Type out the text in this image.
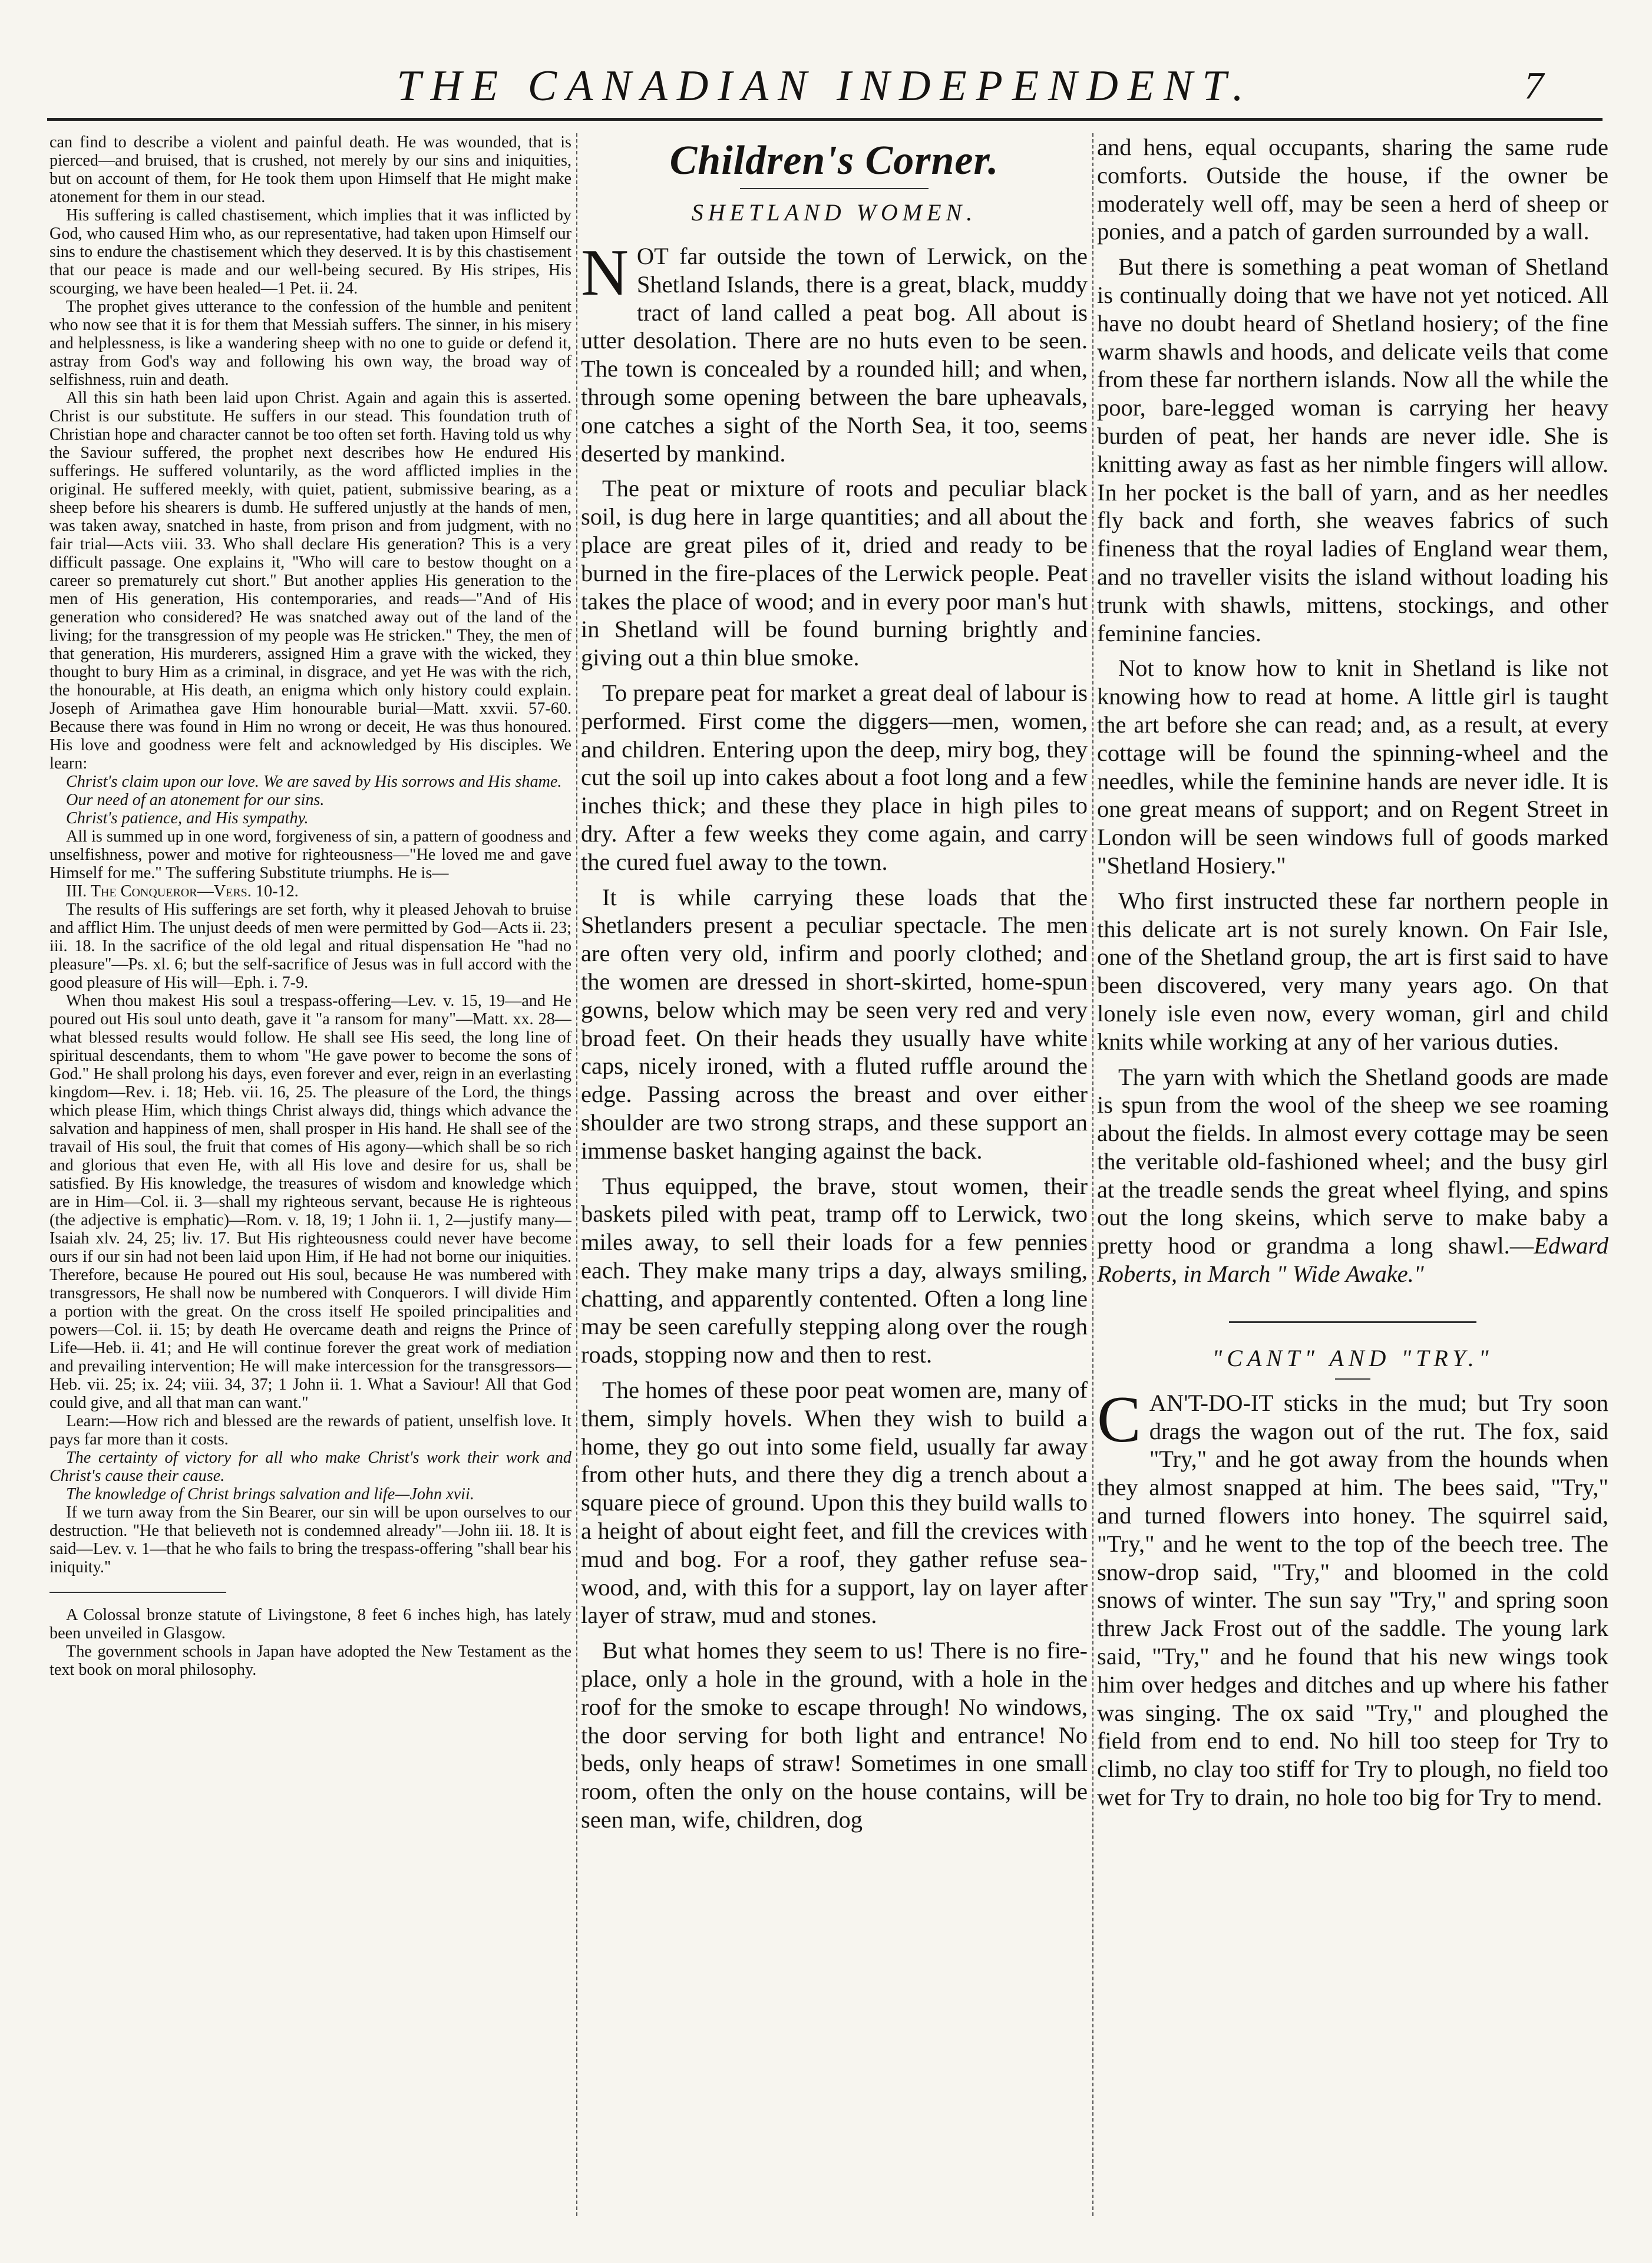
THE CANADIAN INDEPENDENT.	7

can find to describe a violent and painful death. He was wounded, that is pierced—and bruised, that is crushed, not merely by our sins and iniquities, but on account of them, for He took them upon Himself that He might make atonement for them in our stead.

His suffering is called chastisement, which implies that it was inflicted by God, who caused Him who, as our representative, had taken upon Himself our sins to endure the chastisement which they deserved. It is by this chastisement that our peace is made and our well-being secured. By His stripes, His scourging, we have been healed—1 Pet. ii. 24.

The prophet gives utterance to the confession of the humble and penitent who now see that it is for them that Messiah suffers. The sinner, in his misery and helplessness, is like a wandering sheep with no one to guide or defend it, astray from God's way and following his own way, the broad way of selfishness, ruin and death.

All this sin hath been laid upon Christ. Again and again this is asserted. Christ is our substitute. He suffers in our stead. This foundation truth of Christian hope and character cannot be too often set forth. Having told us why the Saviour suffered, the prophet next describes how He endured His sufferings. He suffered voluntarily, as the word afflicted implies in the original. He suffered meekly, with quiet, patient, submissive bearing, as a sheep before his shearers is dumb. He suffered unjustly at the hands of men, was taken away, snatched in haste, from prison and from judgment, with no fair trial—Acts viii. 33. Who shall declare His generation? This is a very difficult passage. One explains it, "Who will care to bestow thought on a career so prematurely cut short." But another applies His generation to the men of His generation, His contemporaries, and reads—"And of His generation who considered? He was snatched away out of the land of the living; for the transgression of my people was He stricken." They, the men of that generation, His murderers, assigned Him a grave with the wicked, they thought to bury Him as a criminal, in disgrace, and yet He was with the rich, the honourable, at His death, an enigma which only history could explain. Joseph of Arimathea gave Him honourable burial—Matt. xxvii. 57-60. Because there was found in Him no wrong or deceit, He was thus honoured. His love and goodness were felt and acknowledged by His disciples. We learn:

Christ's claim upon our love. We are saved by His sorrows and His shame.

Our need of an atonement for our sins.

Christ's patience, and His sympathy.

All is summed up in one word, forgiveness of sin, a pattern of goodness and unselfishness, power and motive for righteousness—"He loved me and gave Himself for me." The suffering Substitute triumphs. He is—

III. The Conqueror—Vers. 10-12.

The results of His sufferings are set forth, why it pleased Jehovah to bruise and afflict Him. The unjust deeds of men were permitted by God—Acts ii. 23; iii. 18. In the sacrifice of the old legal and ritual dispensation He "had no pleasure"—Ps. xl. 6; but the self-sacrifice of Jesus was in full accord with the good pleasure of His will—Eph. i. 7-9.

When thou makest His soul a trespass-offering—Lev. v. 15, 19—and He poured out His soul unto death, gave it "a ransom for many"—Matt. xx. 28—what blessed results would follow. He shall see His seed, the long line of spiritual descendants, them to whom "He gave power to become the sons of God." He shall prolong his days, even forever and ever, reign in an everlasting kingdom—Rev. i. 18; Heb. vii. 16, 25. The pleasure of the Lord, the things which please Him, which things Christ always did, things which advance the salvation and happiness of men, shall prosper in His hand. He shall see of the travail of His soul, the fruit that comes of His agony—which shall be so rich and glorious that even He, with all His love and desire for us, shall be satisfied. By His knowledge, the treasures of wisdom and knowledge which are in Him—Col. ii. 3—shall my righteous servant, because He is righteous (the adjective is emphatic)—Rom. v. 18, 19; 1 John ii. 1, 2—justify many—Isaiah xlv. 24, 25; liv. 17. But His righteousness could never have become ours if our sin had not been laid upon Him, if He had not borne our iniquities. Therefore, because He poured out His soul, because He was numbered with transgressors, He shall now be numbered with Conquerors. I will divide Him a portion with the great. On the cross itself He spoiled principalities and powers—Col. ii. 15; by death He overcame death and reigns the Prince of Life—Heb. ii. 41; and He will continue forever the great work of mediation and prevailing intervention; He will make intercession for the transgressors—Heb. vii. 25; ix. 24; viii. 34, 37; 1 John ii. 1. What a Saviour! All that God could give, and all that man can want."

Learn:—How rich and blessed are the rewards of patient, unselfish love. It pays far more than it costs.

The certainty of victory for all who make Christ's work their work and Christ's cause their cause.

The knowledge of Christ brings salvation and life—John xvii.

If we turn away from the Sin Bearer, our sin will be upon ourselves to our destruction. "He that believeth not is condemned already"—John iii. 18. It is said—Lev. v. 1—that he who fails to bring the trespass-offering "shall bear his iniquity."

A Colossal bronze statute of Livingstone, 8 feet 6 inches high, has lately been unveiled in Glasgow.

The government schools in Japan have adopted the New Testament as the text book on moral philosophy.

Children's Corner.
SHETLAND WOMEN.

NOT far outside the town of Lerwick, on the Shetland Islands, there is a great, black, muddy tract of land called a peat bog. All about is utter desolation. There are no huts even to be seen. The town is concealed by a rounded hill; and when, through some opening between the bare upheavals, one catches a sight of the North Sea, it too, seems deserted by mankind.

The peat or mixture of roots and peculiar black soil, is dug here in large quantities; and all about the place are great piles of it, dried and ready to be burned in the fire-places of the Lerwick people. Peat takes the place of wood; and in every poor man's hut in Shetland will be found burning brightly and giving out a thin blue smoke.

To prepare peat for market a great deal of labour is performed. First come the diggers—men, women, and children. Entering upon the deep, miry bog, they cut the soil up into cakes about a foot long and a few inches thick; and these they place in high piles to dry. After a few weeks they come again, and carry the cured fuel away to the town.

It is while carrying these loads that the Shetlanders present a peculiar spectacle. The men are often very old, infirm and poorly clothed; and the women are dressed in short-skirted, home-spun gowns, below which may be seen very red and very broad feet. On their heads they usually have white caps, nicely ironed, with a fluted ruffle around the edge. Passing across the breast and over either shoulder are two strong straps, and these support an immense basket hanging against the back.

Thus equipped, the brave, stout women, their baskets piled with peat, tramp off to Lerwick, two miles away, to sell their loads for a few pennies each. They make many trips a day, always smiling, chatting, and apparently contented. Often a long line may be seen carefully stepping along over the rough roads, stopping now and then to rest.

The homes of these poor peat women are, many of them, simply hovels. When they wish to build a home, they go out into some field, usually far away from other huts, and there they dig a trench about a square piece of ground. Upon this they build walls to a height of about eight feet, and fill the crevices with mud and bog. For a roof, they gather refuse sea-wood, and, with this for a support, lay on layer after layer of straw, mud and stones.

But what homes they seem to us! There is no fire-place, only a hole in the ground, with a hole in the roof for the smoke to escape through! No windows, the door serving for both light and entrance! No beds, only heaps of straw! Sometimes in one small room, often the only on the house contains, will be seen man, wife, children, dog

and hens, equal occupants, sharing the same rude comforts. Outside the house, if the owner be moderately well off, may be seen a herd of sheep or ponies, and a patch of garden surrounded by a wall.

But there is something a peat woman of Shetland is continually doing that we have not yet noticed. All have no doubt heard of Shetland hosiery; of the fine warm shawls and hoods, and delicate veils that come from these far northern islands. Now all the while the poor, bare-legged woman is carrying her heavy burden of peat, her hands are never idle. She is knitting away as fast as her nimble fingers will allow. In her pocket is the ball of yarn, and as her needles fly back and forth, she weaves fabrics of such fineness that the royal ladies of England wear them, and no traveller visits the island without loading his trunk with shawls, mittens, stockings, and other feminine fancies.

Not to know how to knit in Shetland is like not knowing how to read at home. A little girl is taught the art before she can read; and, as a result, at every cottage will be found the spinning-wheel and the needles, while the feminine hands are never idle. It is one great means of support; and on Regent Street in London will be seen windows full of goods marked "Shetland Hosiery."

Who first instructed these far northern people in this delicate art is not surely known. On Fair Isle, one of the Shetland group, the art is first said to have been discovered, very many years ago. On that lonely isle even now, every woman, girl and child knits while working at any of her various duties.

The yarn with which the Shetland goods are made is spun from the wool of the sheep we see roaming about the fields. In almost every cottage may be seen the veritable old-fashioned wheel; and the busy girl at the treadle sends the great wheel flying, and spins out the long skeins, which serve to make baby a pretty hood or grandma a long shawl.—Edward Roberts, in March " Wide Awake."

"CANT" AND "TRY."

CAN'T-DO-IT sticks in the mud; but Try soon drags the wagon out of the rut. The fox, said "Try," and he got away from the hounds when they almost snapped at him. The bees said, "Try," and turned flowers into honey. The squirrel said, "Try," and he went to the top of the beech tree. The snow-drop said, "Try," and bloomed in the cold snows of winter. The sun say "Try," and spring soon threw Jack Frost out of the saddle. The young lark said, "Try," and he found that his new wings took him over hedges and ditches and up where his father was singing. The ox said "Try," and ploughed the field from end to end. No hill too steep for Try to climb, no clay too stiff for Try to plough, no field too wet for Try to drain, no hole too big for Try to mend.
